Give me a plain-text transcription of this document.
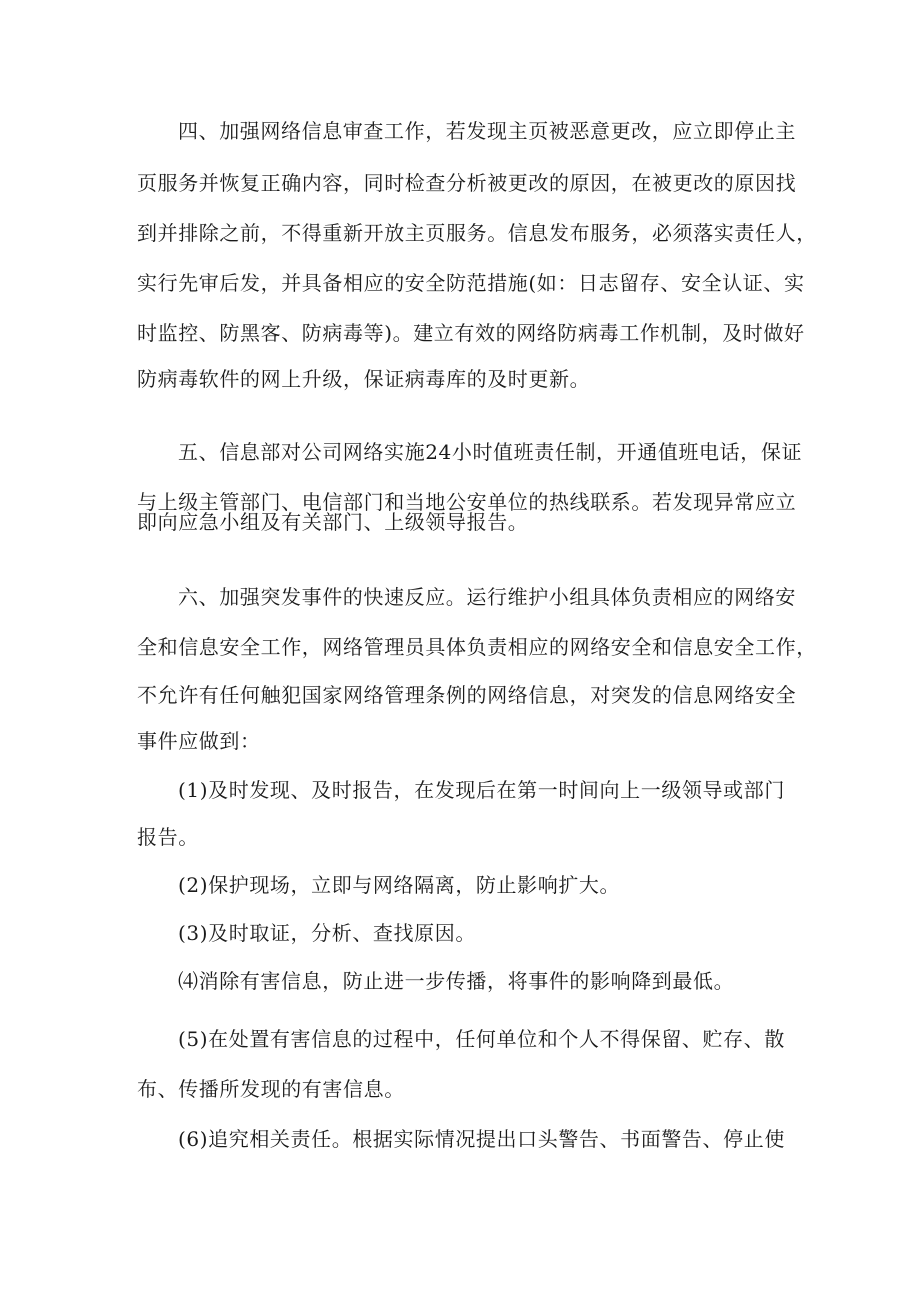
四、加强网络信息审查工作，若发现主页被恶意更改，应立即停止主
页服务并恢复正确内容，同时检查分析被更改的原因，在被更改的原因找
到并排除之前，不得重新开放主页服务。信息发布服务，必须落实责任人，
实行先审后发，并具备相应的安全防范措施(如：日志留存、安全认证、实
时监控、防黑客、防病毒等)。建立有效的网络防病毒工作机制，及时做好
防病毒软件的网上升级，保证病毒库的及时更新。
五、信息部对公司网络实施24小时值班责任制，开通值班电话，保证
与上级主管部门、电信部门和当地公安单位的热线联系。若发现异常应立
即向应急小组及有关部门、上级领导报告。
六、加强突发事件的快速反应。运行维护小组具体负责相应的网络安
全和信息安全工作，网络管理员具体负责相应的网络安全和信息安全工作，
不允许有任何触犯国家网络管理条例的网络信息，对突发的信息网络安全
事件应做到：
(1)及时发现、及时报告，在发现后在第一时间向上一级领导或部门
报告。
(2)保护现场，立即与网络隔离，防止影响扩大。
(3)及时取证，分析、查找原因。
⑷消除有害信息，防止进一步传播，将事件的影响降到最低。
(5)在处置有害信息的过程中，任何单位和个人不得保留、贮存、散
布、传播所发现的有害信息。
(6)追究相关责任。根据实际情况提出口头警告、书面警告、停止使
